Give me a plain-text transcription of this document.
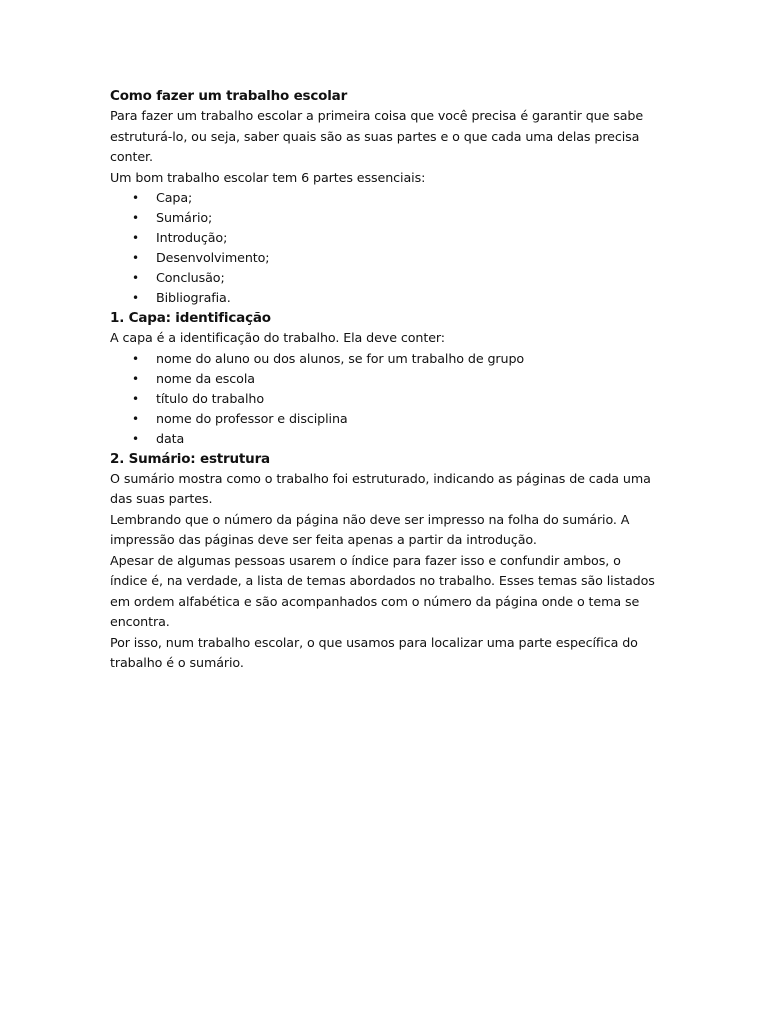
Como fazer um trabalho escolar

Para fazer um trabalho escolar a primeira coisa que você precisa é garantir que sabe estruturá-lo, ou seja, saber quais são as suas partes e o que cada uma delas precisa conter.

Um bom trabalho escolar tem 6 partes essenciais:

• Capa;
• Sumário;
• Introdução;
• Desenvolvimento;
• Conclusão;
• Bibliografia.
1. Capa: identificação

A capa é a identificação do trabalho. Ela deve conter:

• nome do aluno ou dos alunos, se for um trabalho de grupo
• nome da escola
• título do trabalho
• nome do professor e disciplina
• data
2. Sumário: estrutura

O sumário mostra como o trabalho foi estruturado, indicando as páginas de cada uma das suas partes.

Lembrando que o número da página não deve ser impresso na folha do sumário. A impressão das páginas deve ser feita apenas a partir da introdução.

Apesar de algumas pessoas usarem o índice para fazer isso e confundir ambos, o índice é, na verdade, a lista de temas abordados no trabalho. Esses temas são listados em ordem alfabética e são acompanhados com o número da página onde o tema se encontra.

Por isso, num trabalho escolar, o que usamos para localizar uma parte específica do trabalho é o sumário.
